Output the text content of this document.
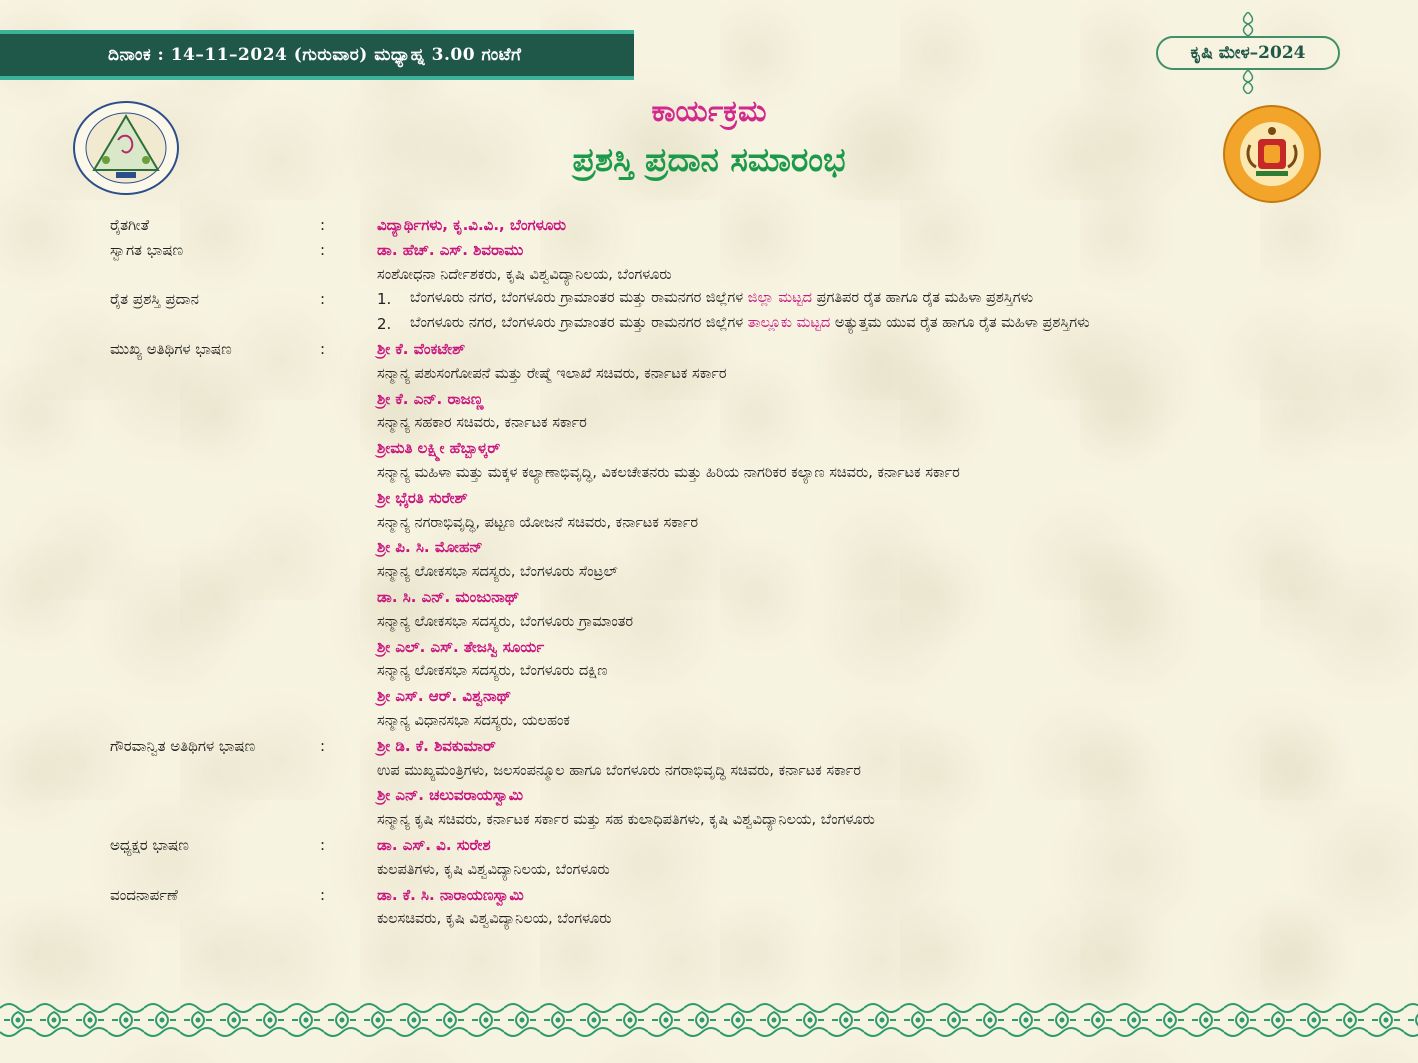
ದಿನಾಂಕ : 14–11–2024 (ಗುರುವಾರ) ಮಧ್ಯಾಹ್ನ 3.00 ಗಂಟೆಗೆ	ಕೃಷಿ ಮೇಳ–2024
ಕಾರ್ಯಕ್ರಮ
ಪ್ರಶಸ್ತಿ ಪ್ರದಾನ ಸಮಾರಂಭ
ರೈತಗೀತೆ	:	ವಿದ್ಯಾರ್ಥಿಗಳು, ಕೃ.ವಿ.ವಿ., ಬೆಂಗಳೂರು
ಸ್ವಾಗತ ಭಾಷಣ	:	ಡಾ. ಹೆಚ್. ಎಸ್. ಶಿವರಾಮು
ಸಂಶೋಧನಾ ನಿರ್ದೇಶಕರು, ಕೃಷಿ ವಿಶ್ವವಿದ್ಯಾನಿಲಯ, ಬೆಂಗಳೂರು
ರೈತ ಪ್ರಶಸ್ತಿ ಪ್ರದಾನ	:	1. ಬೆಂಗಳೂರು ನಗರ, ಬೆಂಗಳೂರು ಗ್ರಾಮಾಂತರ ಮತ್ತು ರಾಮನಗರ ಜಿಲ್ಲೆಗಳ ಜಿಲ್ಲಾ ಮಟ್ಟದ ಪ್ರಗತಿಪರ ರೈತ ಹಾಗೂ ರೈತ ಮಹಿಳಾ ಪ್ರಶಸ್ತಿಗಳು
2. ಬೆಂಗಳೂರು ನಗರ, ಬೆಂಗಳೂರು ಗ್ರಾಮಾಂತರ ಮತ್ತು ರಾಮನಗರ ಜಿಲ್ಲೆಗಳ ತಾಲ್ಲೂಕು ಮಟ್ಟದ ಅತ್ಯುತ್ತಮ ಯುವ ರೈತ ಹಾಗೂ ರೈತ ಮಹಿಳಾ ಪ್ರಶಸ್ತಿಗಳು
ಮುಖ್ಯ ಅತಿಥಿಗಳ ಭಾಷಣ	:	ಶ್ರೀ ಕೆ. ವೆಂಕಟೇಶ್
ಸನ್ಮಾನ್ಯ ಪಶುಸಂಗೋಪನೆ ಮತ್ತು ರೇಷ್ಮೆ ಇಲಾಖೆ ಸಚಿವರು, ಕರ್ನಾಟಕ ಸರ್ಕಾರ
ಶ್ರೀ ಕೆ. ಎನ್. ರಾಜಣ್ಣ
ಸನ್ಮಾನ್ಯ ಸಹಕಾರ ಸಚಿವರು, ಕರ್ನಾಟಕ ಸರ್ಕಾರ
ಶ್ರೀಮತಿ ಲಕ್ಷ್ಮೀ ಹೆಬ್ಬಾಳ್ಕರ್
ಸನ್ಮಾನ್ಯ ಮಹಿಳಾ ಮತ್ತು ಮಕ್ಕಳ ಕಲ್ಯಾಣಾಭಿವೃದ್ಧಿ, ವಿಕಲಚೇತನರು ಮತ್ತು ಹಿರಿಯ ನಾಗರಿಕರ ಕಲ್ಯಾಣ ಸಚಿವರು, ಕರ್ನಾಟಕ ಸರ್ಕಾರ
ಶ್ರೀ ಭೈರತಿ ಸುರೇಶ್
ಸನ್ಮಾನ್ಯ ನಗರಾಭಿವೃದ್ಧಿ, ಪಟ್ಟಣ ಯೋಜನೆ ಸಚಿವರು, ಕರ್ನಾಟಕ ಸರ್ಕಾರ
ಶ್ರೀ ಪಿ. ಸಿ. ಮೋಹನ್
ಸನ್ಮಾನ್ಯ ಲೋಕಸಭಾ ಸದಸ್ಯರು, ಬೆಂಗಳೂರು ಸೆಂಟ್ರಲ್
ಡಾ. ಸಿ. ಎನ್. ಮಂಜುನಾಥ್
ಸನ್ಮಾನ್ಯ ಲೋಕಸಭಾ ಸದಸ್ಯರು, ಬೆಂಗಳೂರು ಗ್ರಾಮಾಂತರ
ಶ್ರೀ ಎಲ್. ಎಸ್. ತೇಜಸ್ವಿ ಸೂರ್ಯ
ಸನ್ಮಾನ್ಯ ಲೋಕಸಭಾ ಸದಸ್ಯರು, ಬೆಂಗಳೂರು ದಕ್ಷಿಣ
ಶ್ರೀ ಎಸ್. ಆರ್. ವಿಶ್ವನಾಥ್
ಸನ್ಮಾನ್ಯ ವಿಧಾನಸಭಾ ಸದಸ್ಯರು, ಯಲಹಂಕ
ಗೌರವಾನ್ವಿತ ಅತಿಥಿಗಳ ಭಾಷಣ	:	ಶ್ರೀ ಡಿ. ಕೆ. ಶಿವಕುಮಾರ್
ಉಪ ಮುಖ್ಯಮಂತ್ರಿಗಳು, ಜಲಸಂಪನ್ಮೂಲ ಹಾಗೂ ಬೆಂಗಳೂರು ನಗರಾಭಿವೃದ್ಧಿ ಸಚಿವರು, ಕರ್ನಾಟಕ ಸರ್ಕಾರ
ಶ್ರೀ ಎನ್. ಚಲುವರಾಯಸ್ವಾಮಿ
ಸನ್ಮಾನ್ಯ ಕೃಷಿ ಸಚಿವರು, ಕರ್ನಾಟಕ ಸರ್ಕಾರ ಮತ್ತು ಸಹ ಕುಲಾಧಿಪತಿಗಳು, ಕೃಷಿ ವಿಶ್ವವಿದ್ಯಾನಿಲಯ, ಬೆಂಗಳೂರು
ಅಧ್ಯಕ್ಷರ ಭಾಷಣ	:	ಡಾ. ಎಸ್. ವಿ. ಸುರೇಶ
ಕುಲಪತಿಗಳು, ಕೃಷಿ ವಿಶ್ವವಿದ್ಯಾನಿಲಯ, ಬೆಂಗಳೂರು
ವಂದನಾರ್ಪಣೆ	:	ಡಾ. ಕೆ. ಸಿ. ನಾರಾಯಣಸ್ವಾಮಿ
ಕುಲಸಚಿವರು, ಕೃಷಿ ವಿಶ್ವವಿದ್ಯಾನಿಲಯ, ಬೆಂಗಳೂರು
